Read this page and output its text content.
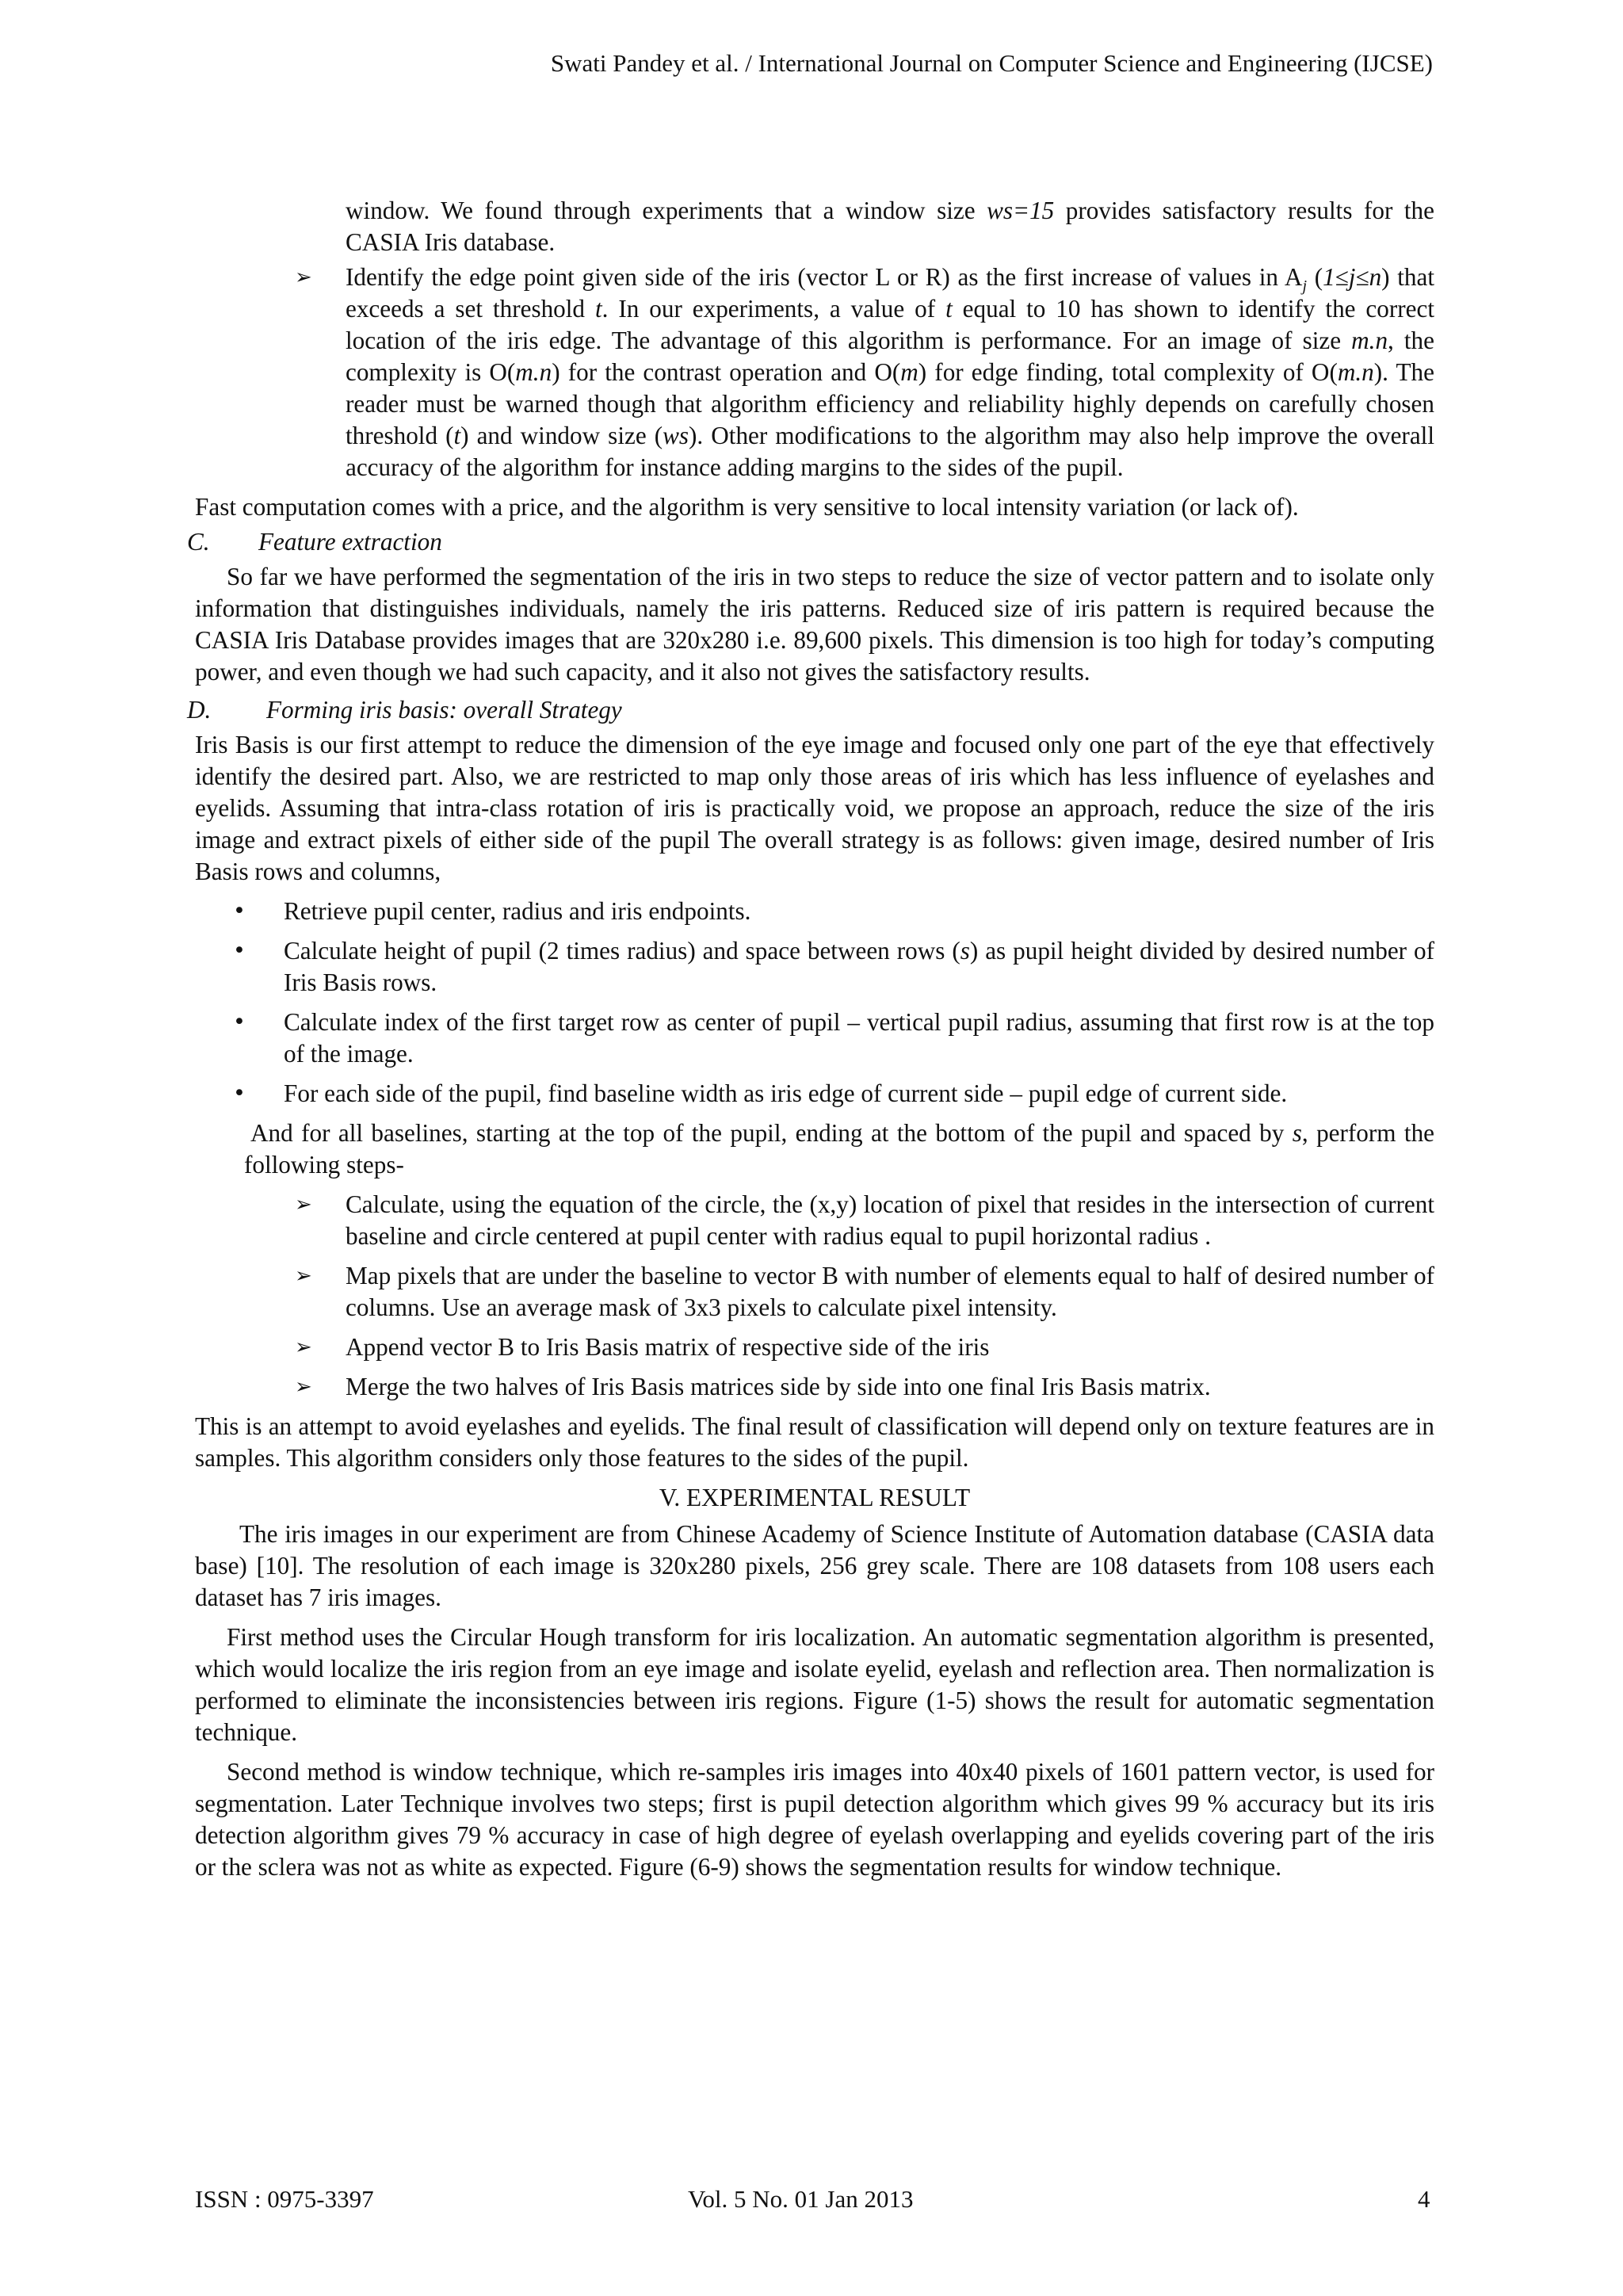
Swati Pandey et al. / International Journal on Computer Science and Engineering (IJCSE)

window. We found through experiments that a window size ws=15 provides satisfactory results for the CASIA Iris database.

➢ Identify the edge point given side of the iris (vector L or R) as the first increase of values in $A_j$ (1≤j≤n) that exceeds a set threshold t. In our experiments, a value of t equal to 10 has shown to identify the correct location of the iris edge. The advantage of this algorithm is performance. For an image of size m.n, the complexity is O(m.n) for the contrast operation and O(m) for edge finding, total complexity of O(m.n). The reader must be warned though that algorithm efficiency and reliability highly depends on carefully chosen threshold (t) and window size (ws). Other modifications to the algorithm may also help improve the overall accuracy of the algorithm for instance adding margins to the sides of the pupil.

Fast computation comes with a price, and the algorithm is very sensitive to local intensity variation (or lack of).

C. Feature extraction

So far we have performed the segmentation of the iris in two steps to reduce the size of vector pattern and to isolate only information that distinguishes individuals, namely the iris patterns. Reduced size of iris pattern is required because the CASIA Iris Database provides images that are 320x280 i.e. 89,600 pixels. This dimension is too high for today’s computing power, and even though we had such capacity, and it also not gives the satisfactory results.

D. Forming iris basis: overall Strategy

Iris Basis is our first attempt to reduce the dimension of the eye image and focused only one part of the eye that effectively identify the desired part. Also, we are restricted to map only those areas of iris which has less influence of eyelashes and eyelids. Assuming that intra-class rotation of iris is practically void, we propose an approach, reduce the size of the iris image and extract pixels of either side of the pupil The overall strategy is as follows: given image, desired number of Iris Basis rows and columns,

• Retrieve pupil center, radius and iris endpoints.
• Calculate height of pupil (2 times radius) and space between rows (s) as pupil height divided by desired number of Iris Basis rows.
• Calculate index of the first target row as center of pupil – vertical pupil radius, assuming that first row is at the top of the image.
• For each side of the pupil, find baseline width as iris edge of current side – pupil edge of current side.

And for all baselines, starting at the top of the pupil, ending at the bottom of the pupil and spaced by s, perform the following steps-

➢ Calculate, using the equation of the circle, the (x,y) location of pixel that resides in the intersection of current baseline and circle centered at pupil center with radius equal to pupil horizontal radius .
➢ Map pixels that are under the baseline to vector B with number of elements equal to half of desired number of columns. Use an average mask of 3x3 pixels to calculate pixel intensity.
➢ Append vector B to Iris Basis matrix of respective side of the iris
➢ Merge the two halves of Iris Basis matrices side by side into one final Iris Basis matrix.

This is an attempt to avoid eyelashes and eyelids. The final result of classification will depend only on texture features are in samples. This algorithm considers only those features to the sides of the pupil.

V. EXPERIMENTAL RESULT

The iris images in our experiment are from Chinese Academy of Science Institute of Automation database (CASIA data base) [10]. The resolution of each image is 320x280 pixels, 256 grey scale. There are 108 datasets from 108 users each dataset has 7 iris images.

First method uses the Circular Hough transform for iris localization. An automatic segmentation algorithm is presented, which would localize the iris region from an eye image and isolate eyelid, eyelash and reflection area. Then normalization is performed to eliminate the inconsistencies between iris regions. Figure (1-5) shows the result for automatic segmentation technique.

Second method is window technique, which re-samples iris images into 40x40 pixels of 1601 pattern vector, is used for segmentation. Later Technique involves two steps; first is pupil detection algorithm which gives 99 % accuracy but its iris detection algorithm gives 79 % accuracy in case of high degree of eyelash overlapping and eyelids covering part of the iris or the sclera was not as white as expected. Figure (6-9) shows the segmentation results for window technique.

ISSN : 0975-3397	Vol. 5 No. 01 Jan 2013	4
